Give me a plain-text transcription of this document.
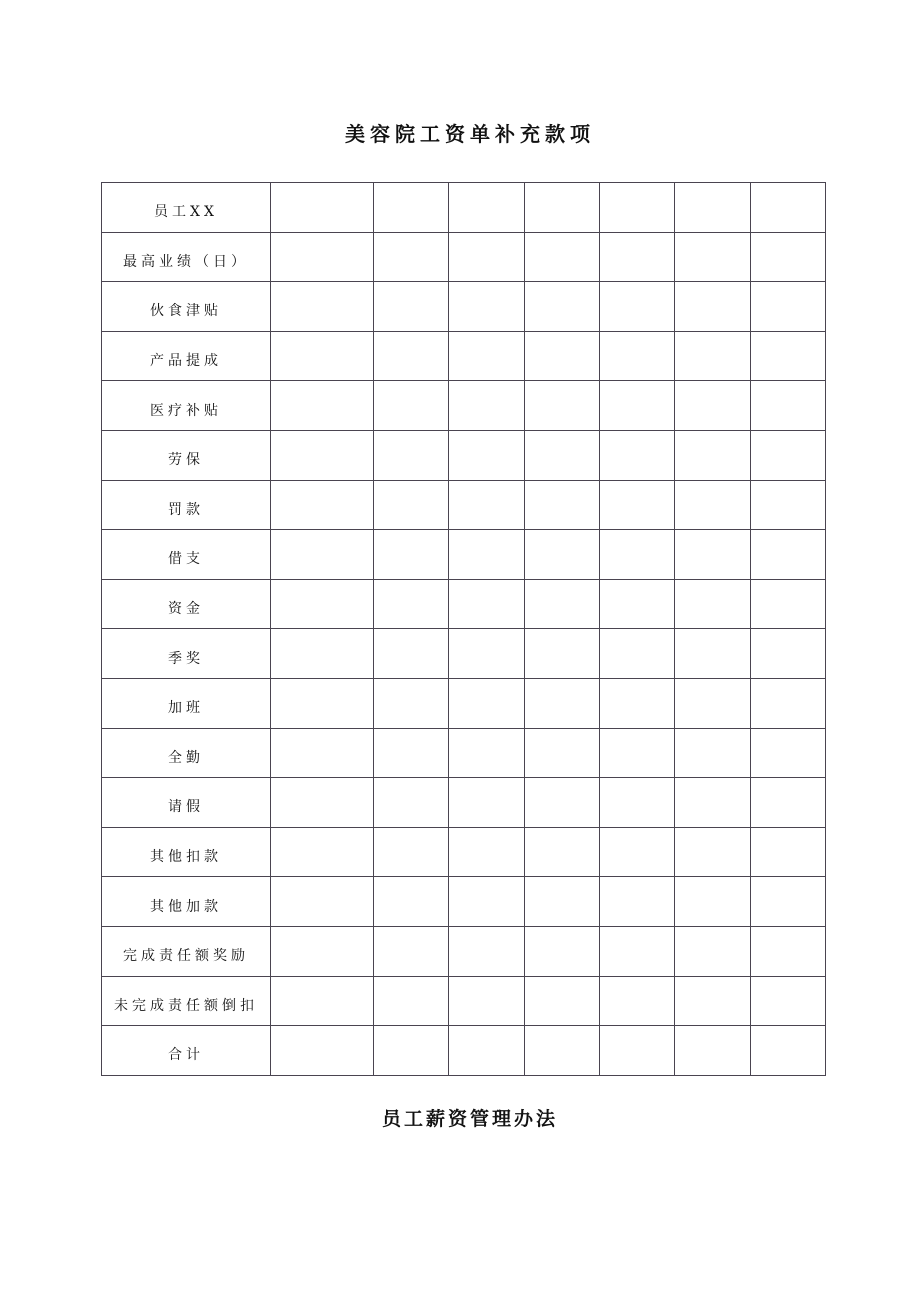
美容院工资单补充款项
员工XX							
最高业绩（日）							
伙食津贴							
产品提成							
医疗补贴							
劳保							
罚款							
借支							
资金							
季奖							
加班							
全勤							
请假							
其他扣款							
其他加款							
完成责任额奖励							
未完成责任额倒扣							
合计							
员工薪资管理办法
